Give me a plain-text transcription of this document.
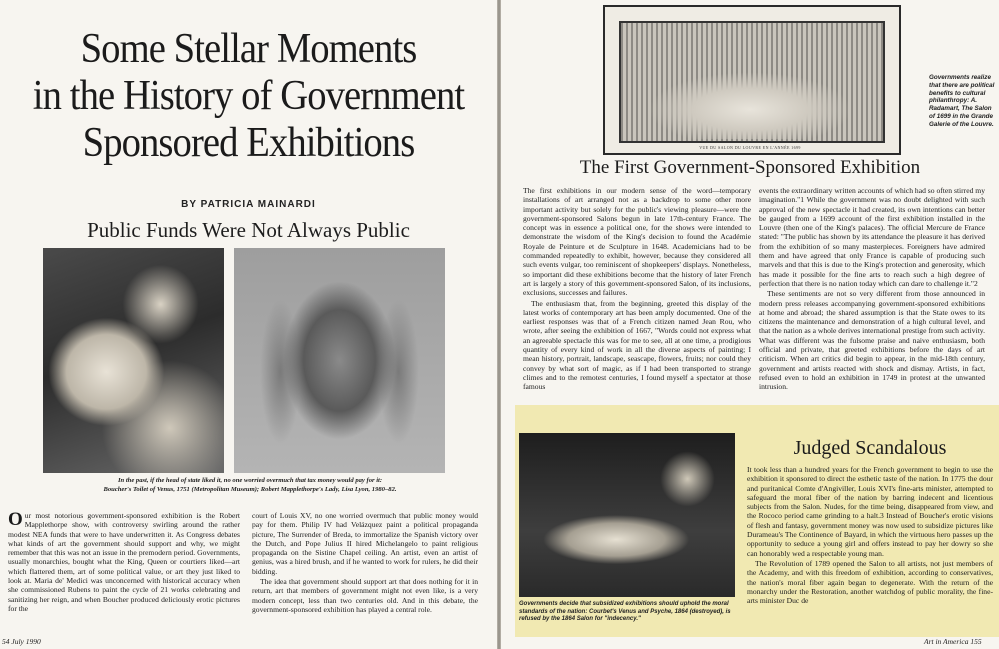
Some Stellar Moments
in the History of Government
Sponsored Exhibitions
BY PATRICIA MAINARDI
Public Funds Were Not Always Public
In the past, if the head of state liked it, no one worried overmuch that tax money would pay for it:
Boucher's Toilet of Venus, 1751 (Metropolitan Museum); Robert Mapplethorpe's Lady, Lisa Lyon, 1980–82.
Our most notorious government-sponsored exhibition is the Robert Mapplethorpe show, with controversy swirling around the rather modest NEA funds that were to have underwritten it. As Congress debates what kinds of art the government should support and why, we might remember that this was not an issue in the premodern period. Governments, usually monarchies, bought what the King, Queen or courtiers liked—art which flattered them, art of some political value, or art they just liked to look at. Maria de' Medici was unconcerned with historical accuracy when she commissioned Rubens to paint the cycle of 21 works celebrating and sanitizing her reign, and when Boucher produced deliciously erotic pictures for the

court of Louis XV, no one worried overmuch that public money would pay for them. Philip IV had Velázquez paint a political propaganda picture, The Surrender of Breda, to immortalize the Spanish victory over the Dutch, and Pope Julius II hired Michelangelo to paint religious propaganda on the Sistine Chapel ceiling. An artist, even an artist of genius, was a hired brush, and if he wanted to work for rulers, he did their bidding.

The idea that government should support art that does nothing for it in return, art that members of government might not even like, is a very modern concept, less than two centuries old. And in this debate, the government-sponsored exhibition has played a central role.

54 July 1990
VUE DU SALON DU LOUVRE EN L'ANNÉE 1699
Governments realize that there are political benefits to cultural philanthropy: A. Radamart, The Salon of 1699 in the Grande Galerie of the Louvre.
The First Government-Sponsored Exhibition

The first exhibitions in our modern sense of the word—temporary installations of art arranged not as a backdrop to some other more important activity but solely for the public's viewing pleasure—were the government-sponsored Salons begun in late 17th-century France. The concept was in essence a political one, for the shows were intended to demonstrate the wisdom of the King's decision to found the Académie Royale de Peinture et de Sculpture in 1648. Academicians had to be commanded repeatedly to exhibit, however, because they considered all such events vulgar, too reminiscent of shopkeepers' displays. Nonetheless, so important did these exhibitions become that the history of later French art is largely a story of this government-sponsored Salon, of its inclusions, exclusions, successes and failures.

The enthusiasm that, from the beginning, greeted this display of the latest works of contemporary art has been amply documented. One of the earliest responses was that of a French citizen named Jean Rou, who wrote, after seeing the exhibition of 1667, "Words could not express what an agreeable spectacle this was for me to see, all at one time, a prodigious quantity of every kind of work in all the diverse aspects of painting; I mean history, portrait, landscape, seascape, flowers, fruits; nor could they convey by what sort of magic, as if I had been transported to strange climes and to the remotest centuries, I found myself a spectator at those famous

events the extraordinary written accounts of which had so often stirred my imagination."1 While the government was no doubt delighted with such approval of the new spectacle it had created, its own intentions can better be gauged from a 1699 account of the first exhibition installed in the Louvre (then one of the King's palaces). The official Mercure de France stated: "The public has shown by its attendance the pleasure it has derived from the exhibition of so many masterpieces. Foreigners have admired them and have agreed that only France is capable of producing such marvels and that this is due to the King's protection and generosity, which has made it possible for the fine arts to reach such a high degree of perfection that there is no nation today which can dare to challenge it."2

These sentiments are not so very different from those announced in modern press releases accompanying government-sponsored exhibitions at home and abroad; the shared assumption is that the State owes to its citizens the maintenance and demonstration of a high cultural level, and that the nation as a whole derives international prestige from such activity. What was different was the fulsome praise and naive enthusiasm, both official and private, that greeted exhibitions before the days of art criticism. When art critics did begin to appear, in the mid-18th century, government and artists reacted with shock and dismay. Artists, in fact, refused even to hold an exhibition in 1749 in protest at the unwanted intrusion.

Governments decide that subsidized exhibitions should uphold the moral standards of the nation: Courbet's Venus and Psyche, 1864 (destroyed), is refused by the 1864 Salon for "indecency."
Judged Scandalous

It took less than a hundred years for the French government to begin to use the exhibition it sponsored to direct the esthetic taste of the nation. In 1775 the dour and puritanical Comte d'Angiviller, Louis XVI's fine-arts minister, attempted to safeguard the moral fiber of the nation by barring indecent and licentious subjects from the Salon. Nudes, for the time being, disappeared from view, and the Rococo period came grinding to a halt.3 Instead of Boucher's erotic visions of flesh and fantasy, government money was now used to subsidize pictures like Durameau's The Continence of Bayard, in which the virtuous hero passes up the opportunity to seduce a young girl and offers instead to pay her dowry so she can honorably wed a respectable young man.

The Revolution of 1789 opened the Salon to all artists, not just members of the Academy, and with this freedom of exhibition, according to conservatives, the nation's moral fiber again began to degenerate. With the return of the monarchy under the Restoration, another watchdog of public morality, the fine-arts minister Duc de

Art in America 155
